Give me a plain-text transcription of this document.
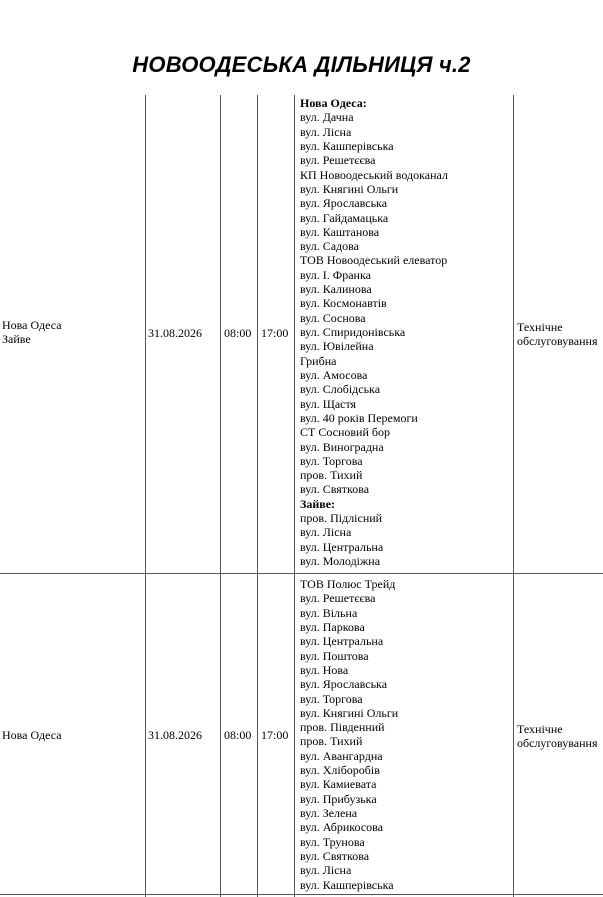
НОВООДЕСЬКА ДІЛЬНИЦЯ ч.2
Нова Одеса
Зайве	31.08.2026 08:00 17:00
Нова Одеса:
вул. Дачна
вул. Лісна
вул. Кашперівська
вул. Решетєєва
КП Новоодеський водоканал
вул. Княгині Ольги
вул. Ярославська
вул. Гайдамацька
вул. Каштанова
вул. Садова
ТОВ Новоодеський елеватор
вул. І. Франка
вул. Калинова
вул. Космонавтів
вул. Соснова
вул. Спиридонівська
вул. Ювілейна
Грибна
вул. Амосова
вул. Слобідська
вул. Щастя
вул. 40 років Перемоги
СТ Сосновий бор
вул. Виноградна
вул. Торгова
пров. Тихий
вул. Святкова
Зайве:
пров. Підлісний
вул. Лісна
вул. Центральна
вул. Молодіжна
Технічне
обслуговування
Нова Одеса	31.08.2026 08:00 17:00
ТОВ Полюс Трейд
вул. Решетєєва
вул. Вільна
вул. Паркова
вул. Центральна
вул. Поштова
вул. Нова
вул. Ярославська
вул. Торгова
вул. Княгині Ольги
пров. Південний
пров. Тихий
вул. Авангардна
вул. Хліборобів
вул. Камиевата
вул. Прибузька
вул. Зелена
вул. Абрикосова
вул. Трунова
вул. Святкова
вул. Лісна
вул. Кашперівська
Технічне
обслуговування
